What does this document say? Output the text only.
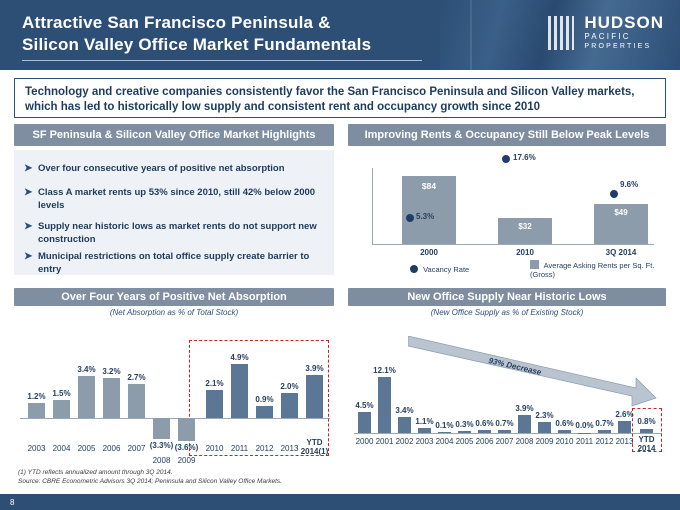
Attractive San Francisco Peninsula &
Silicon Valley Office Market Fundamentals
HUDSON
PACIFIC
PROPERTIES
Technology and creative companies consistently favor the San Francisco Peninsula and Silicon Valley markets, which has led to historically low supply and consistent rent and occupancy growth since 2010
SF Peninsula & Silicon Valley Office Market Highlights
➤ Over four consecutive years of positive net absorption
➤ Class A market rents up 53% since 2010, still 42% below 2000 levels
➤ Supply near historic lows as market rents do not support new construction
➤ Municipal restrictions on total office supply create barrier to entry
Improving Rents & Occupancy Still Below Peak Levels
$84
$32
$49
5.3%
17.6%
9.6%
2000	2010	3Q 2014
Vacancy Rate	Average Asking Rents per Sq. Ft. (Gross)
Over Four Years of Positive Net Absorption
(Net Absorption as % of Total Stock)
1.2% 1.5%
3.4% 3.2%
2.7%
(3.3%) (3.6%)
2.1%
4.9%
0.9%
2.0%
3.9%
2003 2004 2005 2006 2007
2008 2009
2010 2011 2012 2013
YTD 2014(1)
New Office Supply Near Historic Lows
(New Office Supply as % of Existing Stock)
93% Decrease
4.5%
12.1%
3.4%
1.1% 0.1% 0.3% 0.6% 0.7%
3.9%
2.3%
0.6% 0.0% 0.7%
2.6%
0.8%
2000 2001 2002 2003 2004 2005 2006 2007 2008 2009 2010 2011 2012 2013 YTD 2014
(1) YTD reflects annualized amount through 3Q 2014.
Source: CBRE Econometric Advisors 3Q 2014; Peninsula and Silicon Valley Office Markets.
8
